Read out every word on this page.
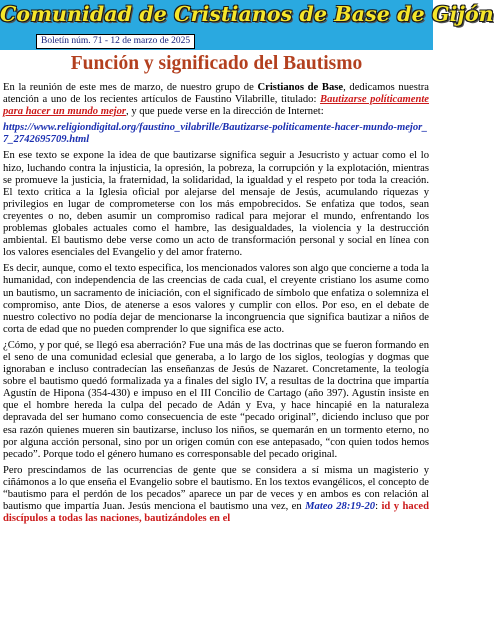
Comunidad de Cristianos de Base de Gijón
Boletín núm. 71 - 12 de marzo de 2025
Función y significado del Bautismo

En la reunión de este mes de marzo, de nuestro grupo de Cristianos de Base, dedicamos nuestra atención a uno de los recientes artículos de Faustino Vilabrille, titulado: Bautizarse políticamente para hacer un mundo mejor, y que puede verse en la dirección de Internet:
https://www.religiondigital.org/faustino_vilabrille/Bautizarse-politicamente-hacer-mundo-mejor_7_2742695709.html

En ese texto se expone la idea de que bautizarse significa seguir a Jesucristo y actuar como el lo hizo, luchando contra la injusticia, la opresión, la pobreza, la corrupción y la explotación, mientras se promueve la justicia, la fraternidad, la solidaridad, la igualdad y el respeto por toda la creación. El texto critica a la Iglesia oficial por alejarse del mensaje de Jesús, acumulando riquezas y privilegios en lugar de comprometerse con los más empobrecidos. Se enfatiza que todos, sean creyentes o no, deben asumir un compromiso radical para mejorar el mundo, enfrentando los problemas globales actuales como el hambre, las desigualdades, la violencia y la destrucción ambiental. El bautismo debe verse como un acto de transformación personal y social en línea con los valores esenciales del Evangelio y del amor fraterno.

Es decir, aunque, como el texto especifica, los mencionados valores son algo que concierne a toda la humanidad, con independencia de las creencias de cada cual, el creyente cristiano los asume como un bautismo, un sacramento de iniciación, con el significado de símbolo que enfatiza o solemniza el compromiso, ante Dios, de atenerse a esos valores y cumplir con ellos. Por eso, en el debate de nuestro colectivo no podía dejar de mencionarse la incongruencia que significa bautizar a niños de corta de edad que no pueden comprender lo que significa ese acto.

¿Cómo, y por qué, se llegó esa aberración? Fue una más de las doctrinas que se fueron formando en el seno de una comunidad eclesial que generaba, a lo largo de los siglos, teologías y dogmas que ignoraban e incluso contradecían las enseñanzas de Jesús de Nazaret. Concretamente, la teología sobre el bautismo quedó formalizada ya a finales del siglo IV, a resultas de la doctrina que impartía Agustín de Hipona (354-430) e impuso en el III Concilio de Cartago (año 397). Agustín insiste en que el hombre hereda la culpa del pecado de Adán y Eva, y hace hincapié en la naturaleza depravada del ser humano como consecuencia de este “pecado original”, diciendo incluso que por esa razón quienes mueren sin bautizarse, incluso los niños, se quemarán en un tormento eterno, no por alguna acción personal, sino por un origen común con ese antepasado, “con quien todos hemos pecado”. Porque todo el género humano es corresponsable del pecado original.

Pero prescindamos de las ocurrencias de gente que se considera a sí misma un magisterio y ciñámonos a lo que enseña el Evangelio sobre el bautismo. En los textos evangélicos, el concepto de “bautismo para el perdón de los pecados” aparece un par de veces y en ambos es con relación al bautismo que impartía Juan. Jesús menciona el bautismo una vez, en Mateo 28:19-20: id y haced discípulos a todas las naciones, bautizándoles en el
